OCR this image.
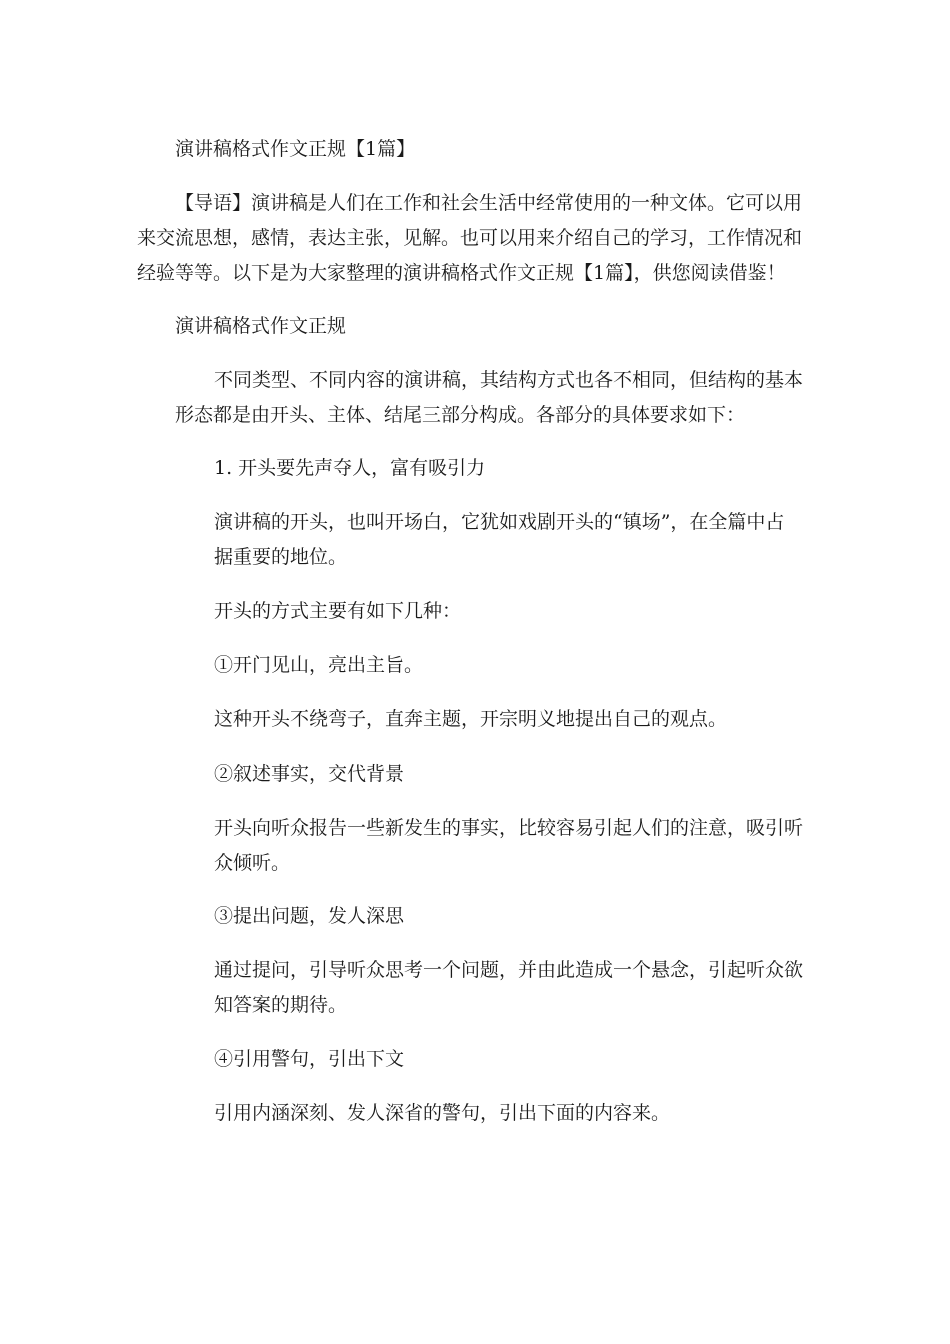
演讲稿格式作文正规【1篇】

【导语】演讲稿是人们在工作和社会生活中经常使用的一种文体。它可以用

来交流思想，感情，表达主张，见解。也可以用来介绍自己的学习，工作情况和

经验等等。以下是为大家整理的演讲稿格式作文正规【1篇】，供您阅读借鉴！

演讲稿格式作文正规

不同类型、不同内容的演讲稿，其结构方式也各不相同，但结构的基本

形态都是由开头、主体、结尾三部分构成。各部分的具体要求如下：

1. 开头要先声夺人，富有吸引力

演讲稿的开头，也叫开场白，它犹如戏剧开头的“镇场”，在全篇中占

据重要的地位。

开头的方式主要有如下几种：

①开门见山，亮出主旨。

这种开头不绕弯子，直奔主题，开宗明义地提出自己的观点。

②叙述事实，交代背景

开头向听众报告一些新发生的事实，比较容易引起人们的注意，吸引听

众倾听。

③提出问题，发人深思

通过提问，引导听众思考一个问题，并由此造成一个悬念，引起听众欲

知答案的期待。

④引用警句，引出下文

引用内涵深刻、发人深省的警句，引出下面的内容来。
